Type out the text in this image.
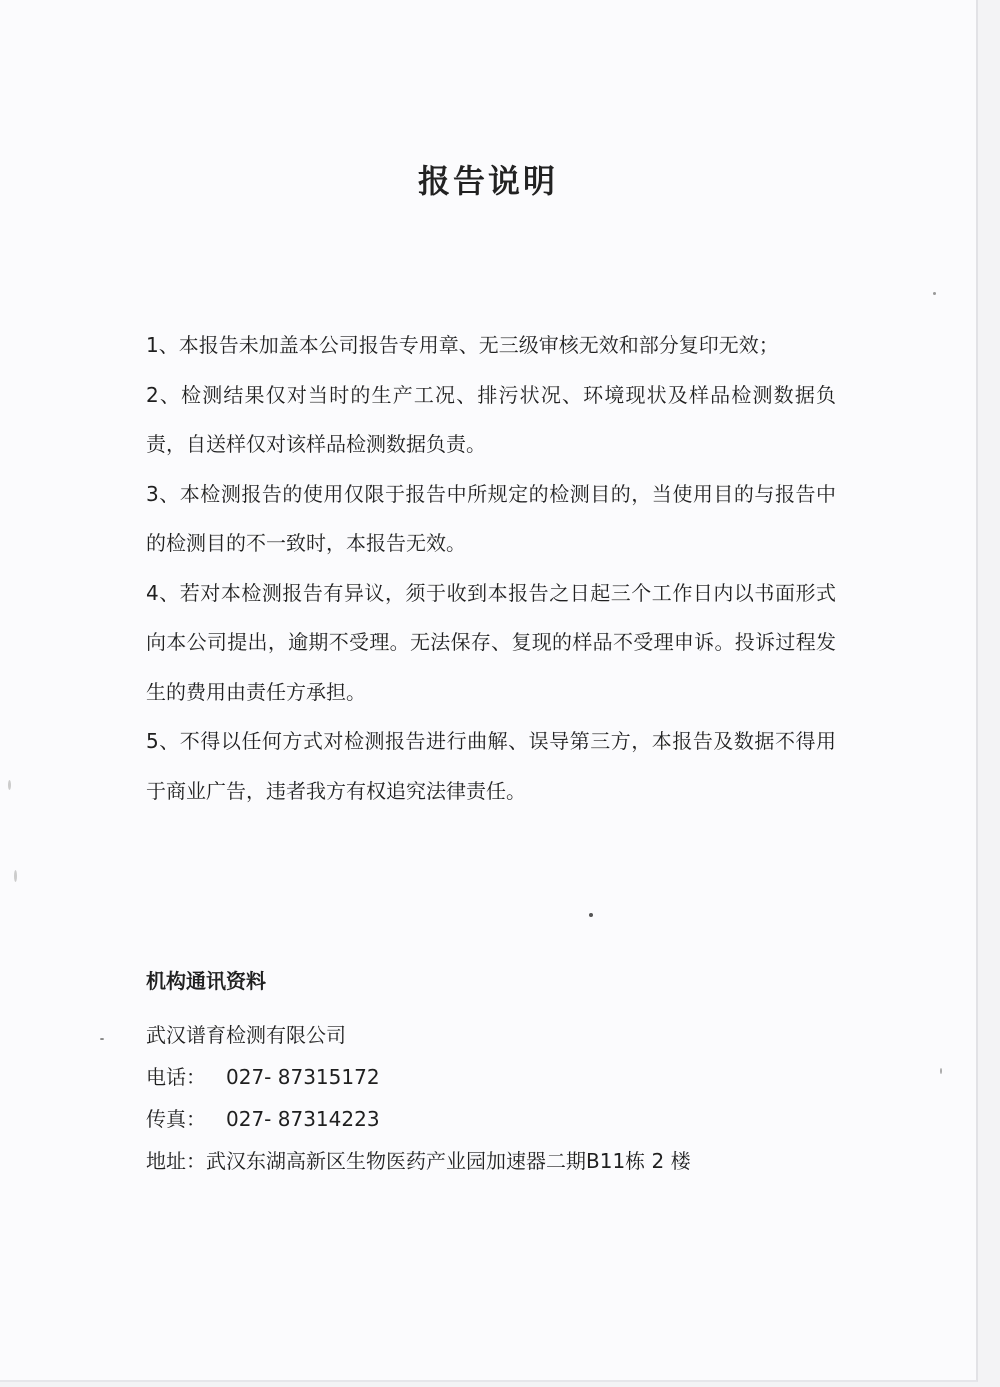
报告说明

1、本报告未加盖本公司报告专用章、无三级审核无效和部分复印无效；

2、检测结果仅对当时的生产工况、排污状况、环境现状及样品检测数据负责，自送样仅对该样品检测数据负责。

3、本检测报告的使用仅限于报告中所规定的检测目的，当使用目的与报告中的检测目的不一致时，本报告无效。

4、若对本检测报告有异议，须于收到本报告之日起三个工作日内以书面形式向本公司提出，逾期不受理。无法保存、复现的样品不受理申诉。投诉过程发生的费用由责任方承担。

5、不得以任何方式对检测报告进行曲解、误导第三方，本报告及数据不得用于商业广告，违者我方有权追究法律责任。

机构通讯资料
武汉谱育检测有限公司
电话： 027- 87315172
传真： 027- 87314223
地址：武汉东湖高新区生物医药产业园加速器二期B11栋 2 楼
